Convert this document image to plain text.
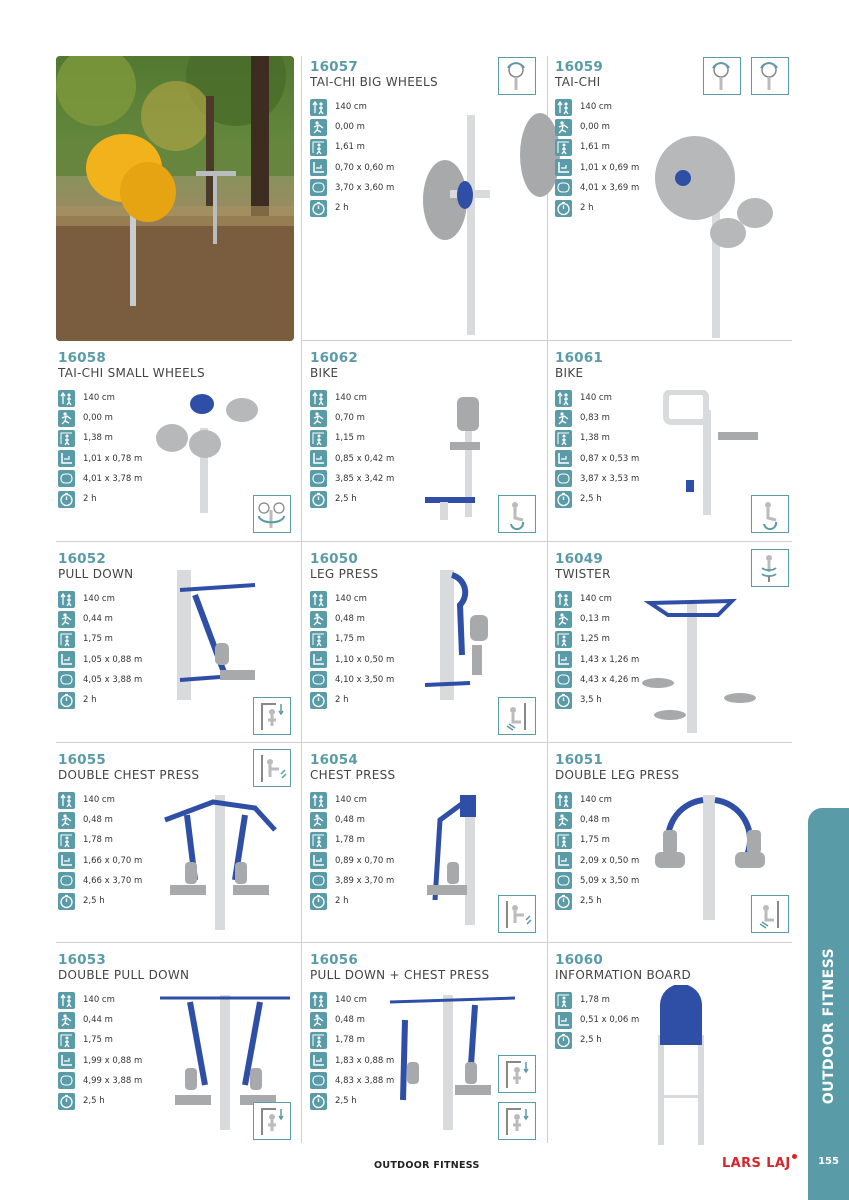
16057
TAI-CHI BIG WHEELS
140 cm
0,00 m
1,61 m
0,70 x 0,60 m
3,70 x 3,60 m
2 h
16059
TAI-CHI
140 cm
0,00 m
1,61 m
1,01 x 0,69 m
4,01 x 3,69 m
2 h
16058
TAI-CHI SMALL WHEELS
140 cm
0,00 m
1,38 m
1,01 x 0,78 m
4,01 x 3,78 m
2 h
16062
BIKE
140 cm
0,70 m
1,15 m
0,85 x 0,42 m
3,85 x 3,42 m
2,5 h
16061
BIKE
140 cm
0,83 m
1,38 m
0,87 x 0,53 m
3,87 x 3,53 m
2,5 h
16052
PULL DOWN
140 cm
0,44 m
1,75 m
1,05 x 0,88 m
4,05 x 3,88 m
2 h
16050
LEG PRESS
140 cm
0,48 m
1,75 m
1,10 x 0,50 m
4,10 x 3,50 m
2 h
16049
TWISTER
140 cm
0,13 m
1,25 m
1,43 x 1,26 m
4,43 x 4,26 m
3,5 h
16055
DOUBLE CHEST PRESS
140 cm
0,48 m
1,78 m
1,66 x 0,70 m
4,66 x 3,70 m
2,5 h
16054
CHEST PRESS
140 cm
0,48 m
1,78 m
0,89 x 0,70 m
3,89 x 3,70 m
2 h
16051
DOUBLE LEG PRESS
140 cm
0,48 m
1,75 m
2,09 x 0,50 m
5,09 x 3,50 m
2,5 h
16053
DOUBLE PULL DOWN
140 cm
0,44 m
1,75 m
1,99 x 0,88 m
4,99 x 3,88 m
2,5 h
16056
PULL DOWN + CHEST PRESS
140 cm
0,48 m
1,78 m
1,83 x 0,88 m
4,83 x 3,88 m
2,5 h
16060
INFORMATION BOARD
1,78 m
0,51 x 0,06 m
2,5 h	OUTDOOR FITNESS
155
OUTDOOR FITNESS	LARS LAJ
